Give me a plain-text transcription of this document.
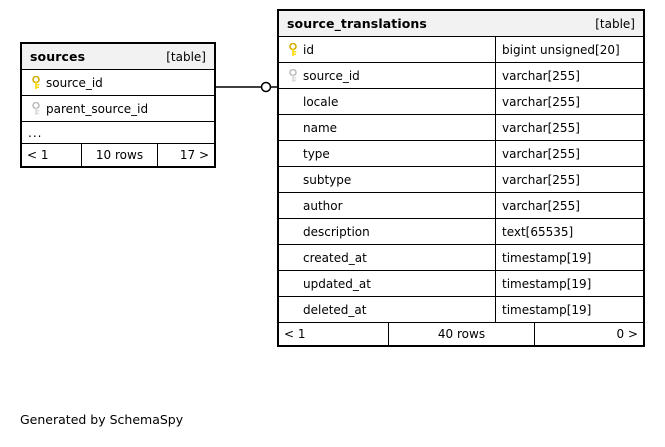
sources	[table]
source_id
parent_source_id
...
< 1	10 rows	17 >
source_translations	[table]
id	bigint unsigned[20]
source_id	varchar[255]
locale	varchar[255]
name	varchar[255]
type	varchar[255]
subtype	varchar[255]
author	varchar[255]
description	text[65535]
created_at	timestamp[19]
updated_at	timestamp[19]
deleted_at	timestamp[19]
< 1	40 rows	0 >
Generated by SchemaSpy
